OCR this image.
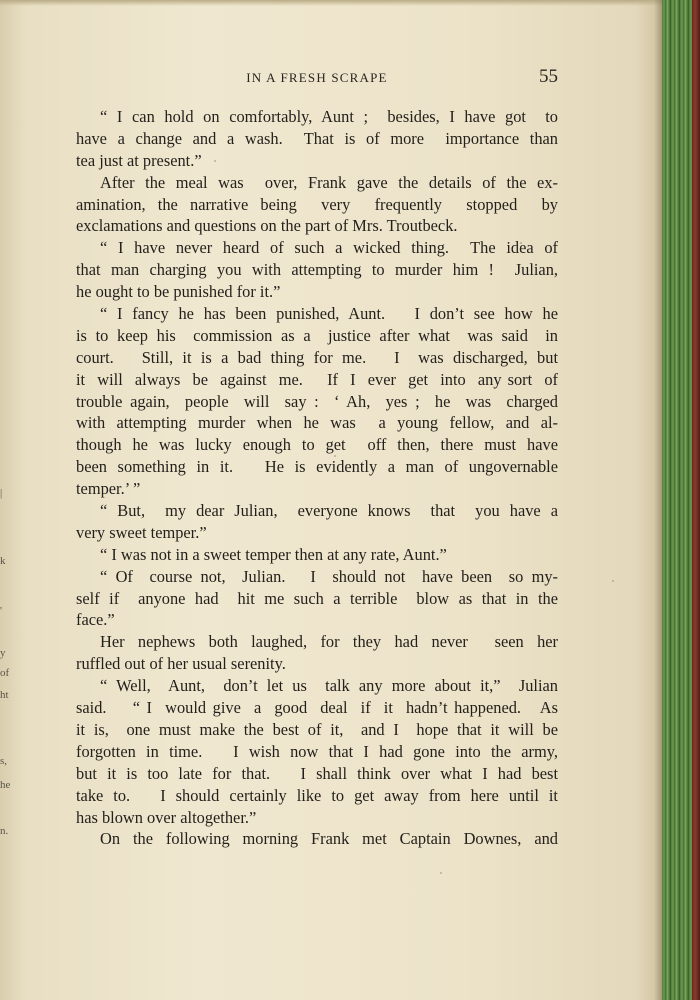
|
k
'
y
of
ht
s,
he
n.
IN A FRESH SCRAPE	55
“ I can hold on comfortably, Aunt ;  besides, I have got  to
have a change and a wash.  That is of more  importance than
tea just at present.”
After the meal was  over, Frank gave the details of the ex-
amination, the narrative being  very  frequently  stopped  by
exclamations and questions on the part of Mrs. Troutbeck.
“ I have never heard of such a wicked thing.  The idea of
that man charging you with attempting to murder him !  Julian,
he ought to be punished for it.”
“ I fancy he has been punished, Aunt.   I don’t see how he
is to keep his  commission as a  justice after what  was said  in
court.   Still, it is a bad thing for me.   I  was discharged, but
it  will  always  be  against  me.    If  I  ever  get  into  any sort  of
trouble again,  people  will  say :  ‘ Ah,  yes ;  he  was  charged
with attempting murder when he was  a young fellow, and al-
though he was lucky enough to get  off then, there must have
been something in it.   He is evidently a man of ungovernable
temper.’ ”
“ But,  my dear Julian,  everyone knows  that  you have a
very sweet temper.”
“ I was not in a sweet temper then at any rate, Aunt.”
“ Of  course not,  Julian.   I  should not  have been  so my-
self if  anyone had  hit me such a terrible  blow as that in the
face.”
Her nephews both laughed, for they had never  seen her
ruffled out of her usual serenity.
“ Well,  Aunt,  don’t let us  talk any more about it,”  Julian
said.    “ I  would give  a  good  deal  if  it  hadn’t happened.   As
it is,  one must make the best of it,  and I  hope that it will be
forgotten in time.   I wish now that I had gone into the army,
but it is too late for that.   I shall think over what I had best
take to.   I should certainly like to get away from here until it
has blown over altogether.”
On the following morning Frank met Captain Downes, and
